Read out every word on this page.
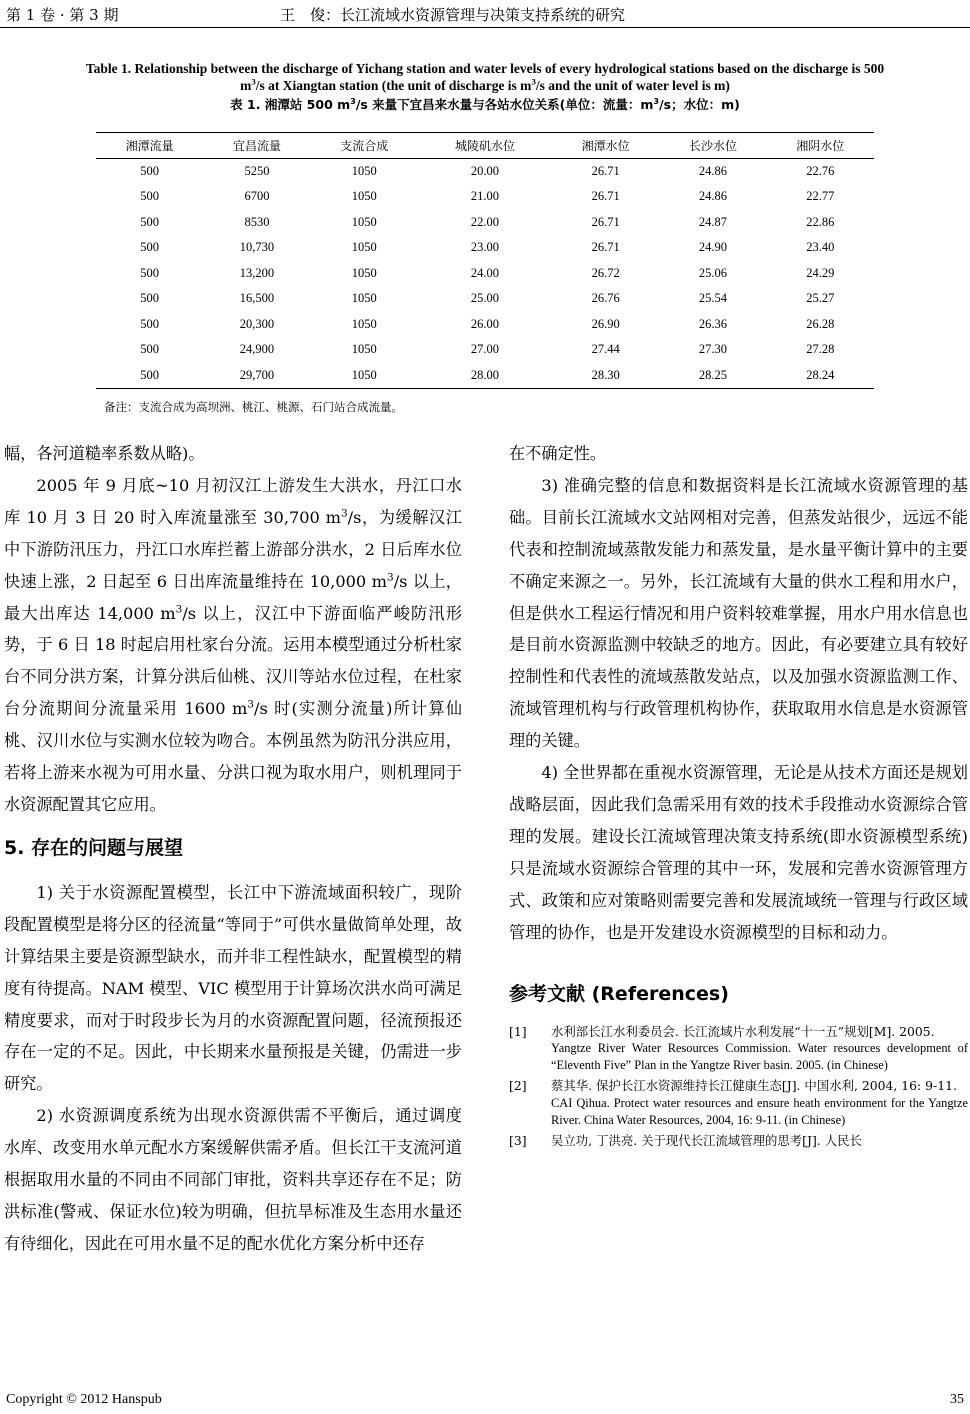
第 1 卷 · 第 3 期	王　俊：长江流域水资源管理与决策支持系统的研究
Table 1. Relationship between the discharge of Yichang station and water levels of every hydrological stations based on the discharge is 500
$m^3/s$ at Xiangtan station (the unit of discharge is $m^3/s$ and the unit of water level is m)
表 1. 湘潭站 500 $m^3/s$ 来量下宜昌来水量与各站水位关系(单位：流量：$m^3/s$；水位：m)
湘潭流量	宜昌流量	支流合成	城陵矶水位	湘潭水位	长沙水位	湘阴水位
500	5250	1050	20.00	26.71	24.86	22.76
500	6700	1050	21.00	26.71	24.86	22.77
500	8530	1050	22.00	26.71	24.87	22.86
500	10,730	1050	23.00	26.71	24.90	23.40
500	13,200	1050	24.00	26.72	25.06	24.29
500	16,500	1050	25.00	26.76	25.54	25.27
500	20,300	1050	26.00	26.90	26.36	26.28
500	24,900	1050	27.00	27.44	27.30	27.28
500	29,700	1050	28.00	28.30	28.25	28.24
备注：支流合成为高坝洲、桃江、桃源、石门站合成流量。

幅，各河道糙率系数从略)。

2005 年 9 月底~10 月初汉江上游发生大洪水，丹江口水库 10 月 3 日 20 时入库流量涨至 30,700 $m^3/s$，为缓解汉江中下游防汛压力，丹江口水库拦蓄上游部分洪水，2 日后库水位快速上涨，2 日起至 6 日出库流量维持在 10,000 $m^3/s$ 以上，最大出库达 14,000 $m^3/s$ 以上，汉江中下游面临严峻防汛形势，于 6 日 18 时起启用杜家台分流。运用本模型通过分析杜家台不同分洪方案，计算分洪后仙桃、汉川等站水位过程，在杜家台分流期间分流量采用 1600 $m^3/s$ 时(实测分流量)所计算仙桃、汉川水位与实测水位较为吻合。本例虽然为防汛分洪应用，若将上游来水视为可用水量、分洪口视为取水用户，则机理同于水资源配置其它应用。

5. 存在的问题与展望

1) 关于水资源配置模型，长江中下游流域面积较广，现阶段配置模型是将分区的径流量“等同于”可供水量做简单处理，故计算结果主要是资源型缺水，而并非工程性缺水，配置模型的精度有待提高。NAM 模型、VIC 模型用于计算场次洪水尚可满足精度要求，而对于时段步长为月的水资源配置问题，径流预报还存在一定的不足。因此，中长期来水量预报是关键，仍需进一步研究。

2) 水资源调度系统为出现水资源供需不平衡后，通过调度水库、改变用水单元配水方案缓解供需矛盾。但长江干支流河道根据取用水量的不同由不同部门审批，资料共享还存在不足；防洪标准(警戒、保证水位)较为明确，但抗旱标准及生态用水量还有待细化，因此在可用水量不足的配水优化方案分析中还存

在不确定性。

3) 准确完整的信息和数据资料是长江流域水资源管理的基础。目前长江流域水文站网相对完善，但蒸发站很少，远远不能代表和控制流域蒸散发能力和蒸发量，是水量平衡计算中的主要不确定来源之一。另外，长江流域有大量的供水工程和用水户，但是供水工程运行情况和用户资料较难掌握，用水户用水信息也是目前水资源监测中较缺乏的地方。因此，有必要建立具有较好控制性和代表性的流域蒸散发站点，以及加强水资源监测工作、流域管理机构与行政管理机构协作，获取取用水信息是水资源管理的关键。

4) 全世界都在重视水资源管理，无论是从技术方面还是规划战略层面，因此我们急需采用有效的技术手段推动水资源综合管理的发展。建设长江流域管理决策支持系统(即水资源模型系统)只是流域水资源综合管理的其中一环，发展和完善水资源管理方式、政策和应对策略则需要完善和发展流域统一管理与行政区域管理的协作，也是开发建设水资源模型的目标和动力。

参考文献 (References)
[1]	水利部长江水利委员会. 长江流域片水利发展“十一五”规划[M]. 2005.
Yangtze River Water Resources Commission. Water resources development of “Eleventh Five” Plan in the Yangtze River basin. 2005. (in Chinese)
[2]	蔡其华. 保护长江水资源维持长江健康生态[J]. 中国水利, 2004, 16: 9-11.
CAI Qihua. Protect water resources and ensure heath environment for the Yangtze River. China Water Resources, 2004, 16: 9-11. (in Chinese)
[3]	吴立功, 丁洪亮. 关于现代长江流域管理的思考[J]. 人民长
Copyright © 2012 Hanspub	35
